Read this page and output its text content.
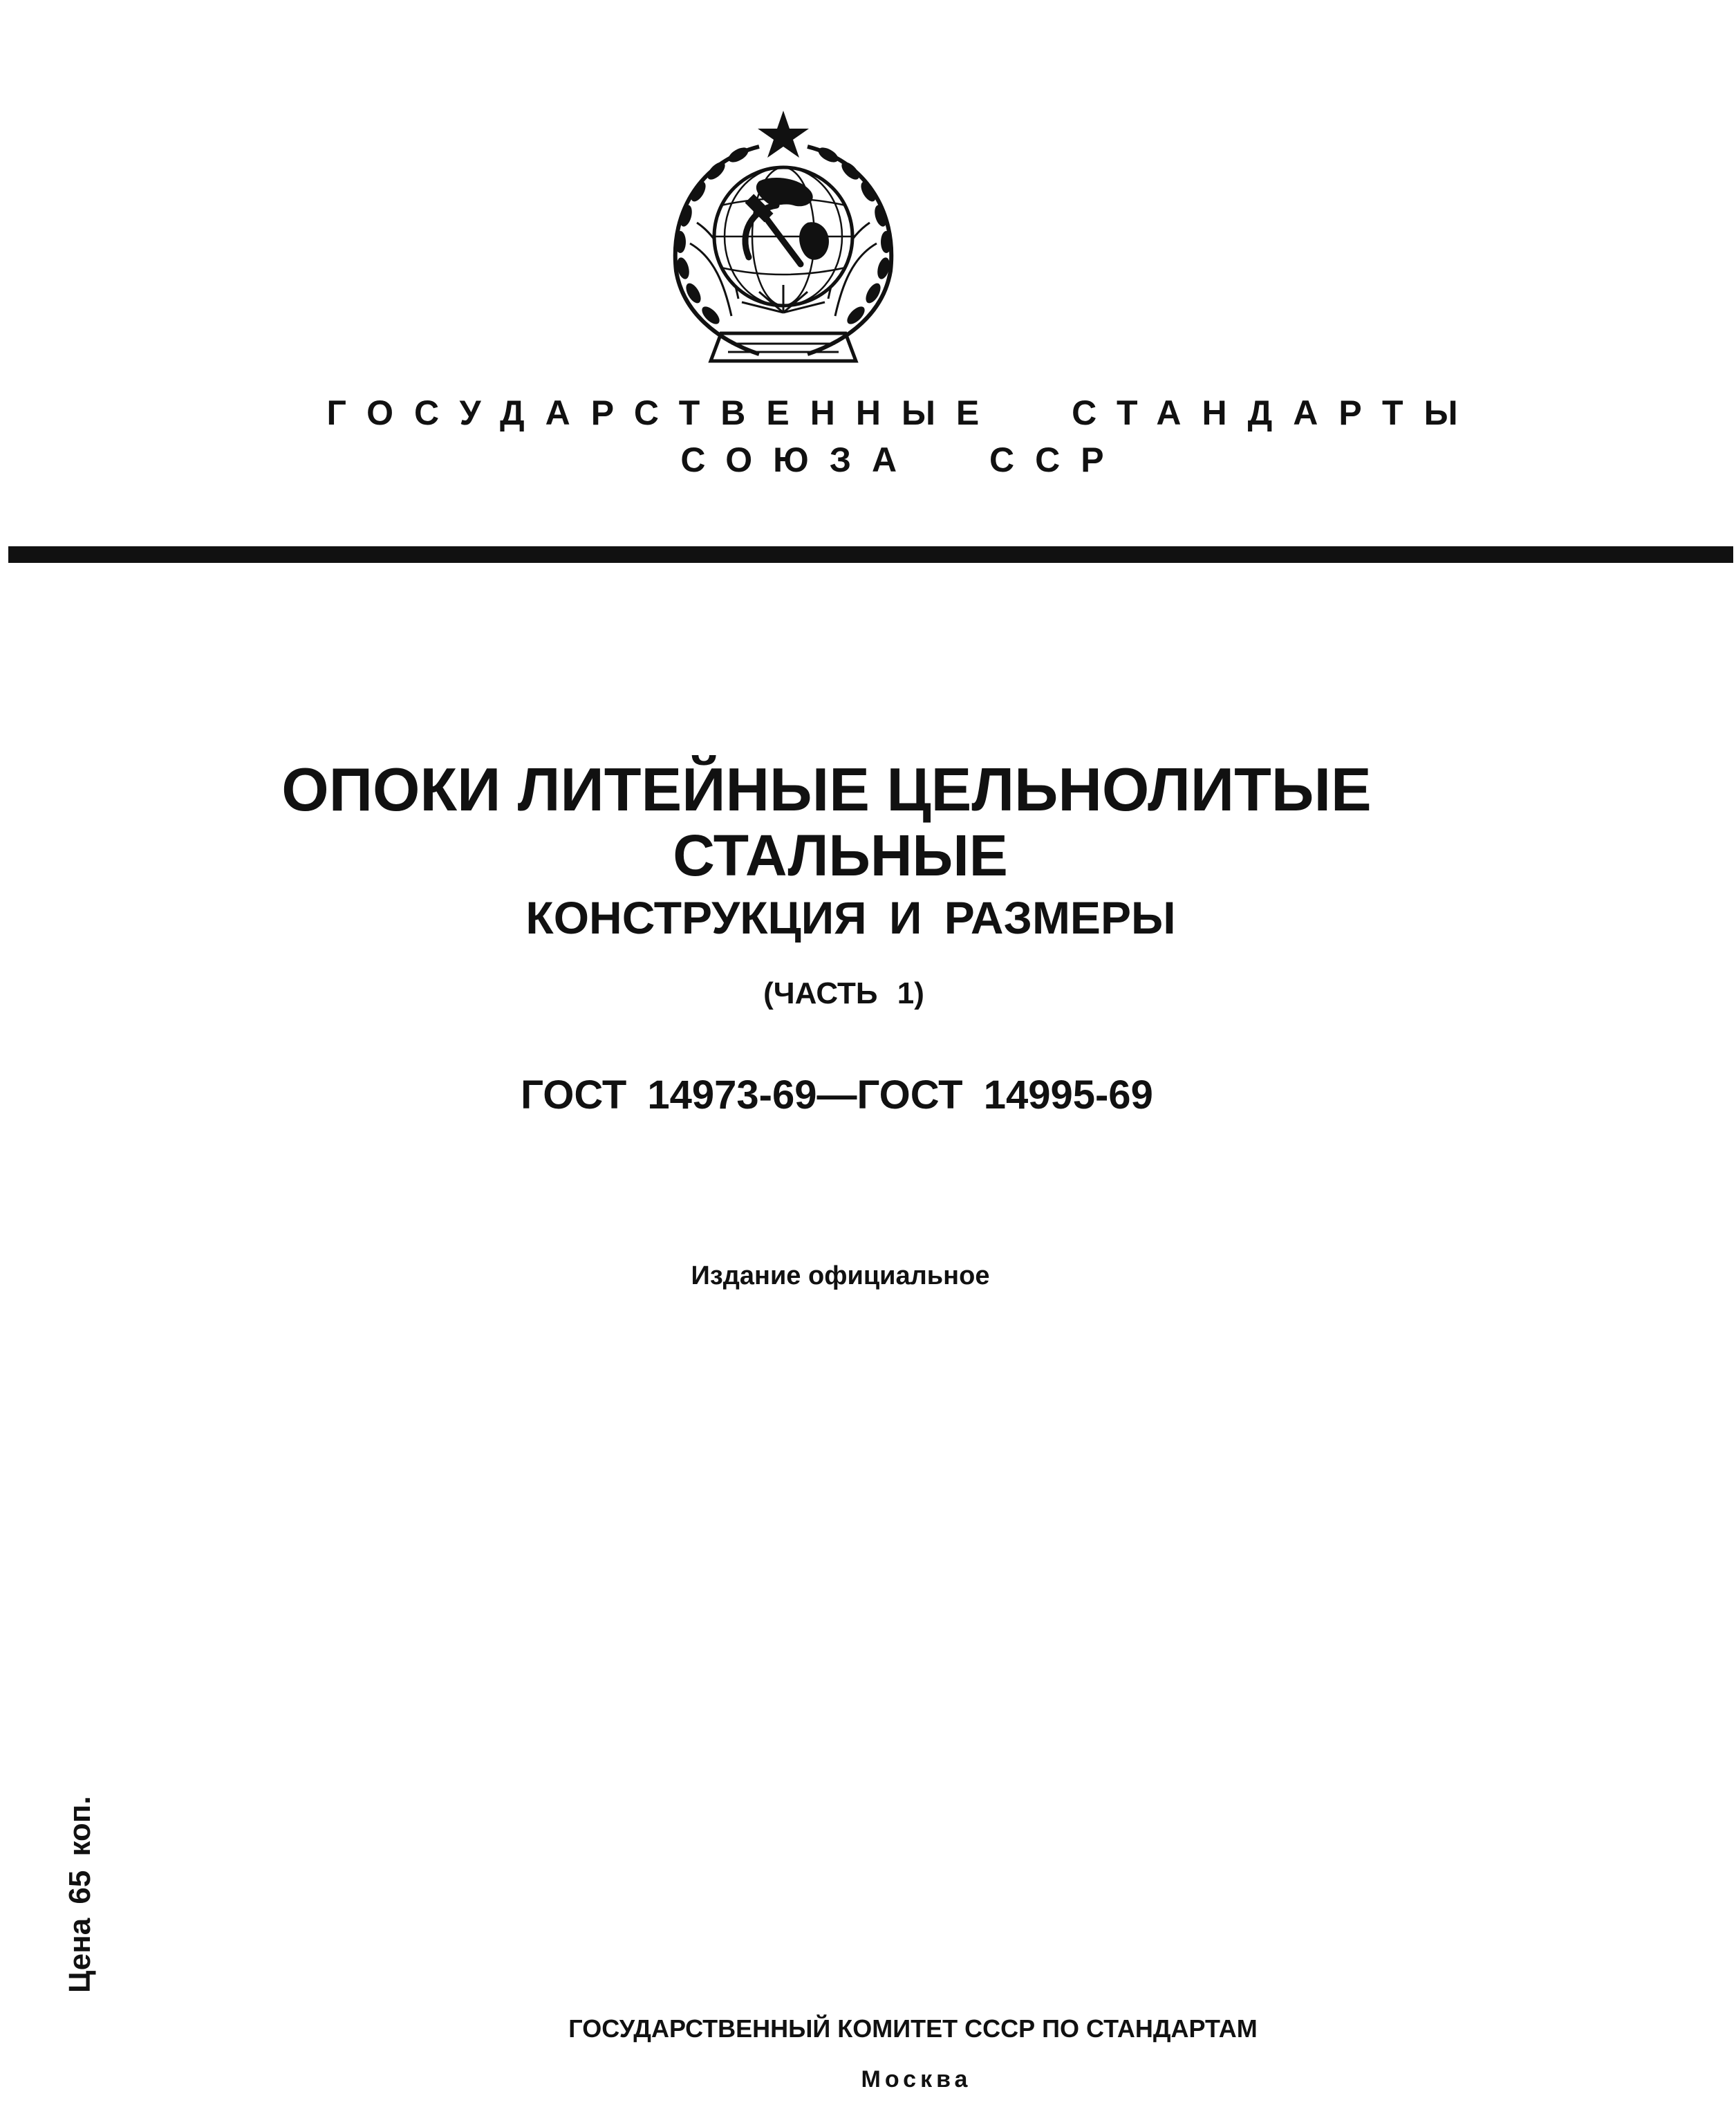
ГОСУДАРСТВЕННЫЕ СТАНДАРТЫ
СОЮЗА ССР
ОПОКИ ЛИТЕЙНЫЕ ЦЕЛЬНОЛИТЫЕ
СТАЛЬНЫЕ
КОНСТРУКЦИЯ И РАЗМЕРЫ
(ЧАСТЬ 1)
ГОСТ 14973-69—ГОСТ 14995-69
Издание официальное
Цена 65 коп.
ГОСУДАРСТВЕННЫЙ КОМИТЕТ СССР ПО СТАНДАРТАМ
Москва
